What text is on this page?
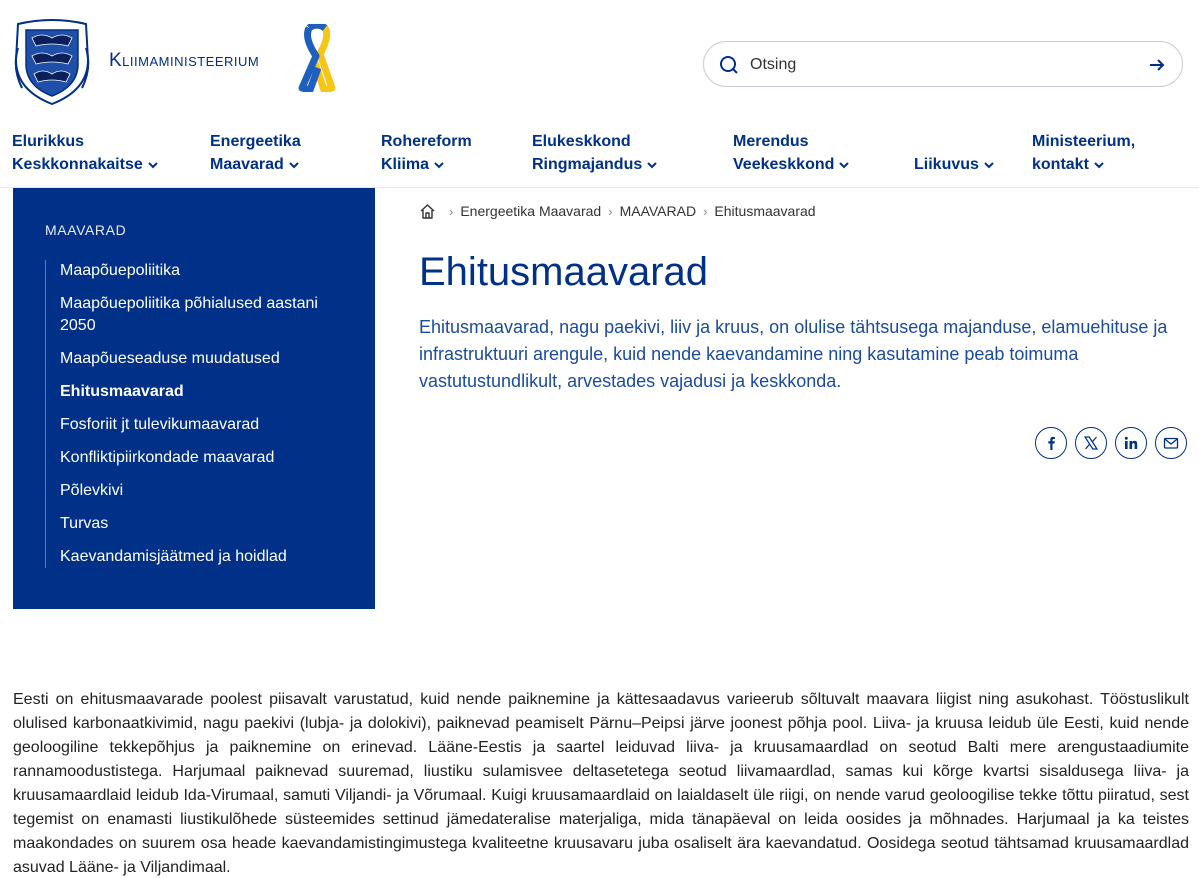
Kliimaministeerium
Otsing
Elurikkus
Keskkonnakaitse
Energeetika
Maavarad
Rohereform
Kliima
Elukeskkond
Ringmajandus
Merendus
Veekeskkond	Liikuvus
Ministeerium,
kontakt
MAAVARAD
Maapõuepoliitika
Maapõuepoliitika põhialused aastani 2050
Maapõueseaduse muudatused
Ehitusmaavarad
Fosforiit jt tulevikumaavarad
Konfliktipiirkondade maavarad
Põlevkivi
Turvas
Kaevandamisjäätmed ja hoidlad
› Energeetika Maavarad › MAAVARAD › Ehitusmaavarad
Ehitusmaavarad

Ehitusmaavarad, nagu paekivi, liiv ja kruus, on olulise tähtsusega majanduse, elamuehituse ja infrastruktuuri arengule, kuid nende kaevandamine ning kasutamine peab toimuma vastutustundlikult, arvestades vajadusi ja keskkonda.

Eesti on ehitusmaavarade poolest piisavalt varustatud, kuid nende paiknemine ja kättesaadavus varieerub sõltuvalt maavara liigist ning asukohast. Tööstuslikult olulised karbonaatkivimid, nagu paekivi (lubja- ja dolokivi), paiknevad peamiselt Pärnu–Peipsi järve joonest põhja pool. Liiva- ja kruusa leidub üle Eesti, kuid nende geoloogiline tekkepõhjus ja paiknemine on erinevad. Lääne-Eestis ja saartel leiduvad liiva- ja kruusamaardlad on seotud Balti mere arengustaadiumite rannamoodustistega. Harjumaal paiknevad suuremad, liustiku sulamisvee deltasetetega seotud liivamaardlad, samas kui kõrge kvartsi sisaldusega liiva- ja kruusamaardlaid leidub Ida-Virumaal, samuti Viljandi- ja Võrumaal. Kuigi kruusamaardlaid on laialdaselt üle riigi, on nende varud geoloogilise tekke tõttu piiratud, sest tegemist on enamasti liustikulõhede süsteemides settinud jämedateralise materjaliga, mida tänapäeval on leida oosides ja mõhnades. Harjumaal ja ka teistes maakondades on suurem osa heade kaevandamistingimustega kvaliteetne kruusavaru juba osaliselt ära kaevandatud. Oosidega seotud tähtsamad kruusamaardlad asuvad Lääne- ja Viljandimaal.
